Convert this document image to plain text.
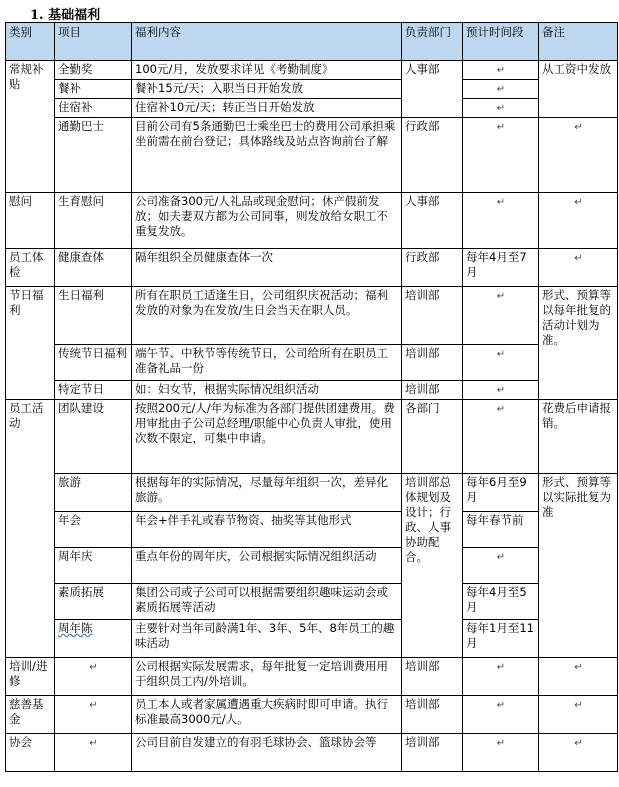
1. 基础福利
类别	项目	福利内容	负责部门	预计时间段	备注
常规补贴	全勤奖	100元/月，发放要求详见《考勤制度》	人事部	↵	从工资中发放
	餐补	餐补15元/天；入职当日开始发放		↵	
	住宿补	住宿补10元/天；转正当日开始发放		↵	
	通勤巴士	目前公司有5条通勤巴士乘坐巴士的费用公司承担乘坐前需在前台登记；具体路线及站点咨询前台了解	行政部	↵	↵
慰问	生育慰问	公司准备300元/人礼品或现金慰问；休产假前发放；如夫妻双方都为公司同事，则发放给女职工不重复发放。	人事部	↵	↵
员工体检	健康查体	隔年组织全员健康查体一次	行政部	每年4月至7月	↵
节日福利	生日福利	所有在职员工适逢生日，公司组织庆祝活动；福利发放的对象为在发放/生日会当天在职人员。	培训部	↵	形式、预算等以每年批复的活动计划为准。
	传统节日福利	端午节、中秋节等传统节日，公司给所有在职员工准备礼品一份	培训部	↵	
	特定节日	如：妇女节，根据实际情况组织活动	培训部	↵	
员工活动	团队建设	按照200元/人/年为标准为各部门提供团建费用。费用审批由子公司总经理/职能中心负责人审批，使用次数不限定，可集中申请。	各部门	↵	花费后申请报销。
	旅游	根据每年的实际情况，尽量每年组织一次，差异化旅游。	培训部总体规划及设计；行政、人事协助配合。	每年6月至9月	形式、预算等以实际批复为准
	年会	年会+伴手礼或春节物资、抽奖等其他形式		每年春节前	
	周年庆	重点年份的周年庆，公司根据实际情况组织活动		↵	
	素质拓展	集团公司或子公司可以根据需要组织趣味运动会或素质拓展等活动		每年4月至5月	
	周年陈	主要针对当年司龄满1年、3年、5年、8年员工的趣味活动		每年1月至11月	
培训/进修	↵	公司根据实际发展需求，每年批复一定培训费用用于组织员工内/外培训。	培训部	↵	↵
慈善基金	↵	员工本人或者家属遭遇重大疾病时即可申请。执行标准最高3000元/人。	培训部	↵	↵
协会	↵	公司目前自发建立的有羽毛球协会、篮球协会等	培训部	↵	↵
